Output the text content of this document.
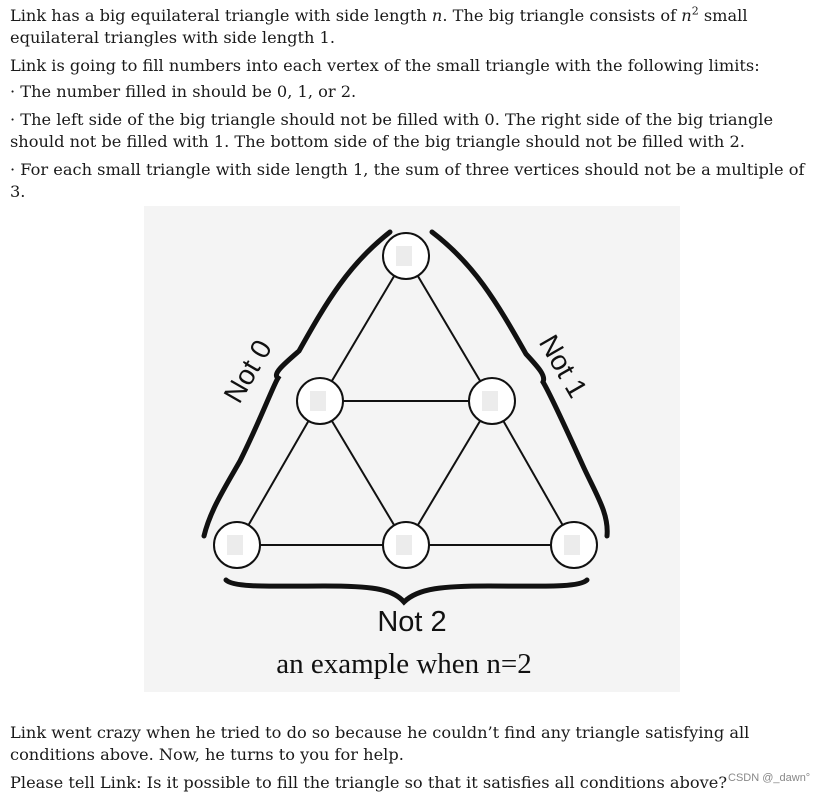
Link has a big equilateral triangle with side length n. The big triangle consists of $n^2$ small equilateral triangles with side length 1.
Link is going to fill numbers into each vertex of the small triangle with the following limits:
· The number filled in should be 0, 1, or 2.
· The left side of the big triangle should not be filled with 0. The right side of the big triangle should not be filled with 1. The bottom side of the big triangle should not be filled with 2.
· For each small triangle with side length 1, the sum of three vertices should not be a multiple of 3.
Not 0	Not 1
Not 2
an example when n=2
Link went crazy when he tried to do so because he couldn’t find any triangle satisfying all conditions above. Now, he turns to you for help.
Please tell Link: Is it possible to fill the triangle so that it satisfies all conditions above? CSDN @_dawn°
